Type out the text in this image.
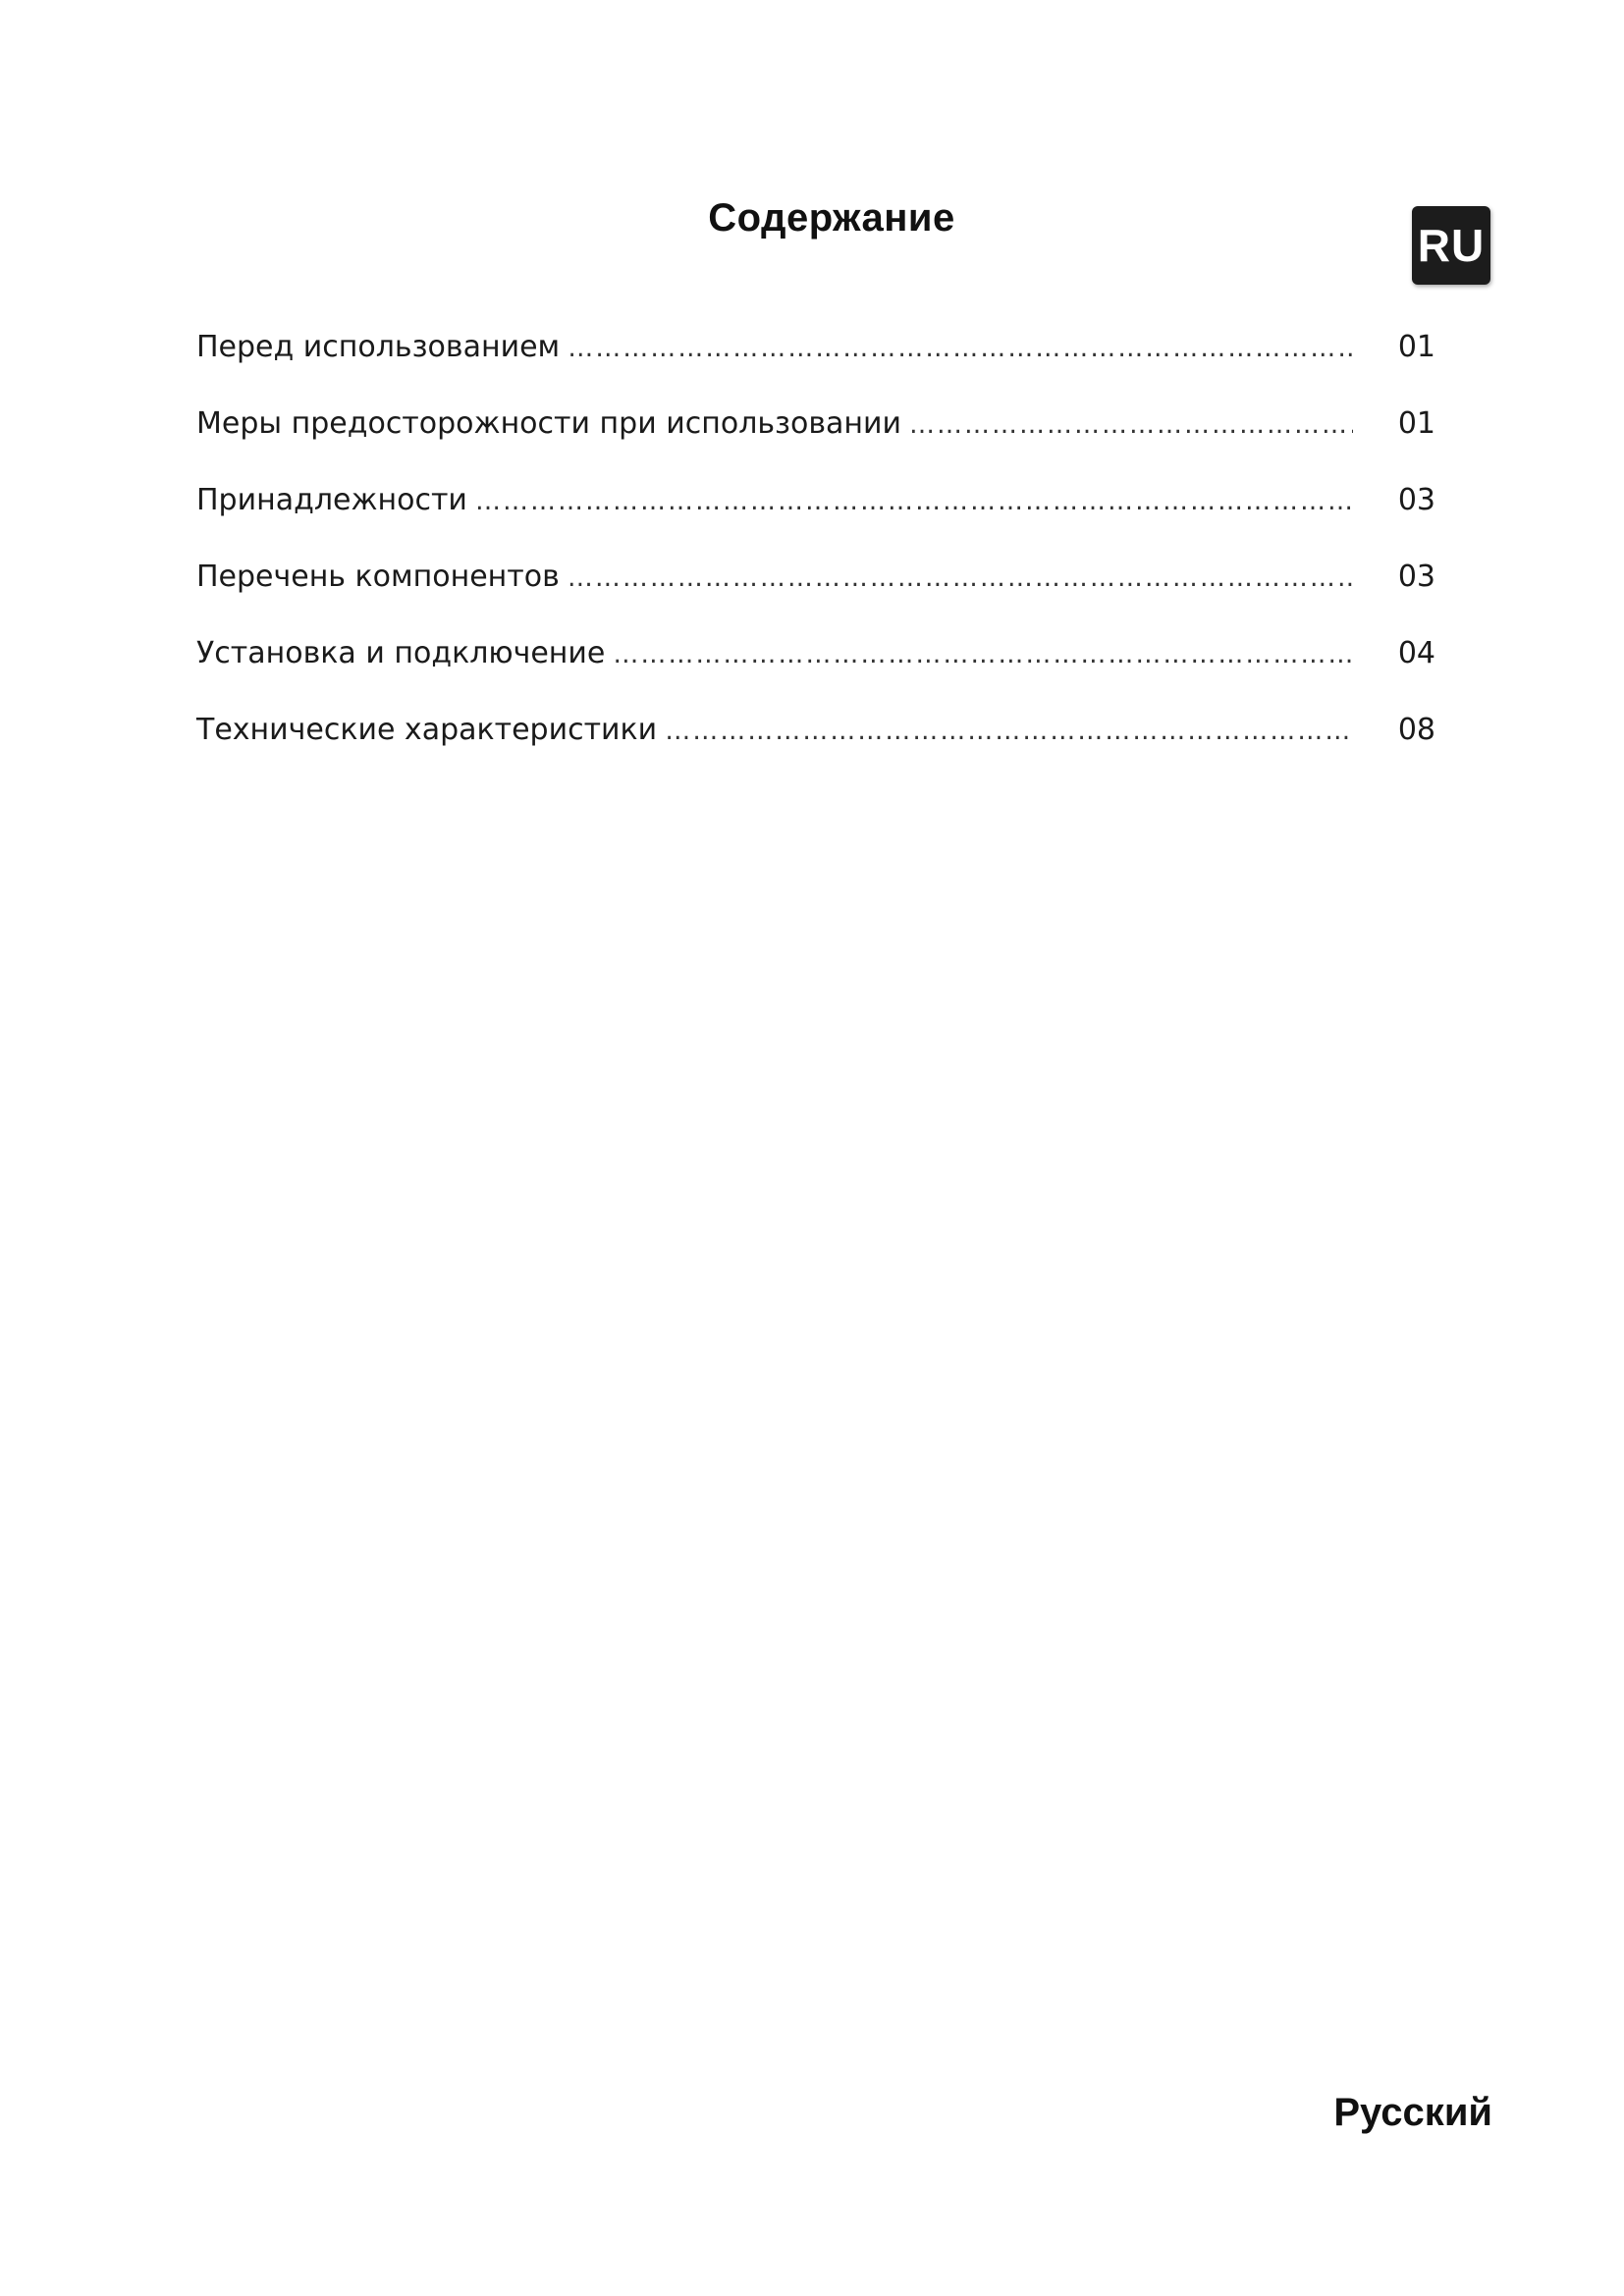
Содержание
RU
Перед использованием ……………………………………………………………………………………………………………………………………………………………………………………………	01
Меры предосторожности при использовании ……………………………………………………………………………………………………………………………………………………………………………………………	01
Принадлежности ……………………………………………………………………………………………………………………………………………………………………………………………	03
Перечень компонентов ……………………………………………………………………………………………………………………………………………………………………………………………	03
Установка и подключение ……………………………………………………………………………………………………………………………………………………………………………………………	04
Технические характеристики ……………………………………………………………………………………………………………………………………………………………………………………………	08
Русский
